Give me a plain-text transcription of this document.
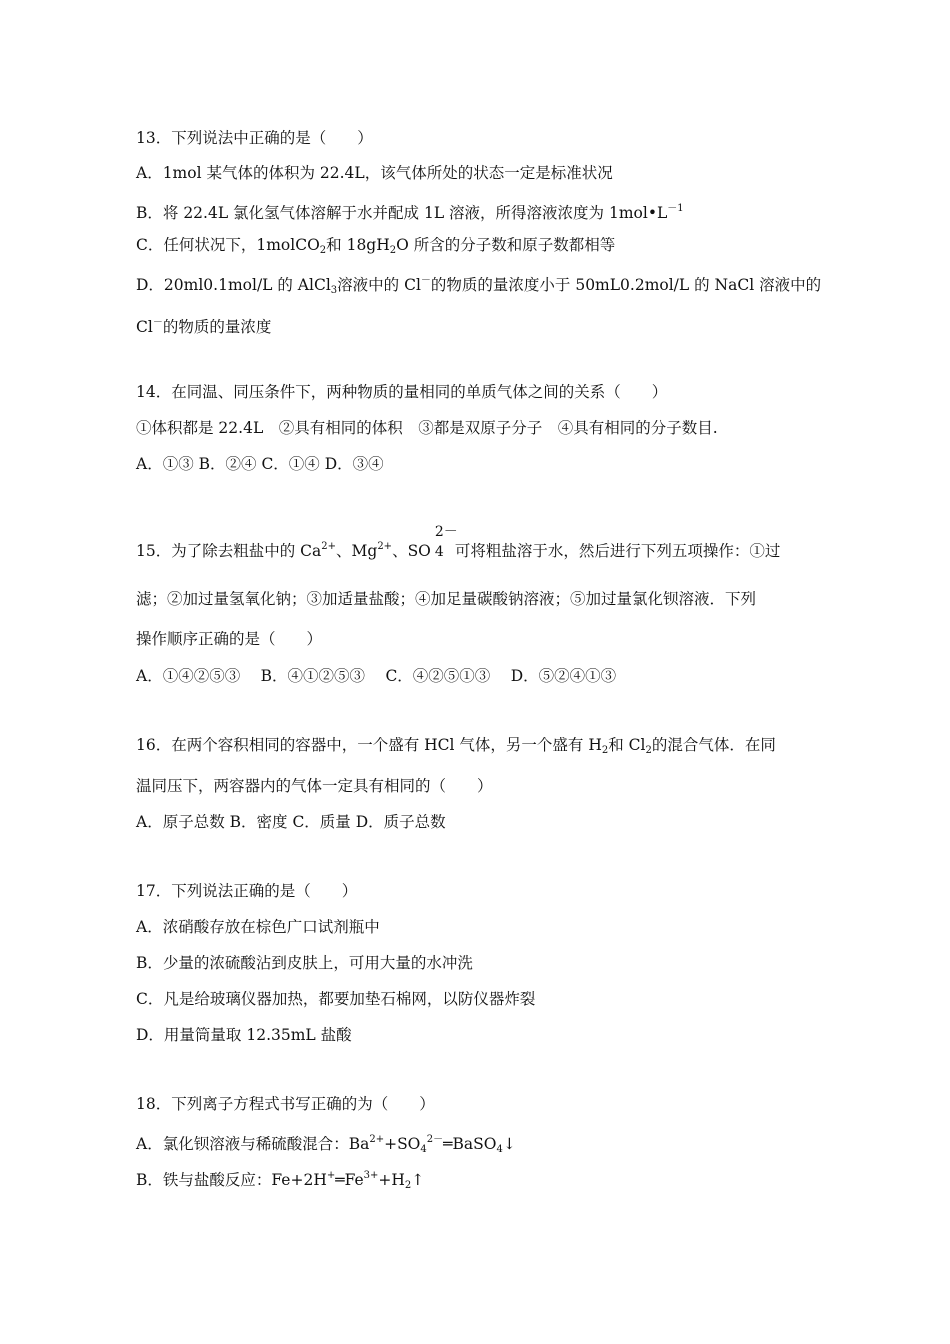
13．下列说法中正确的是（　　）
A．1mol 某气体的体积为 22.4L，该气体所处的状态一定是标准状况
B．将 22.4L 氯化氢气体溶解于水并配成 1L 溶液，所得溶液浓度为 $1mol•L^{-1}$
C．任何状况下，1molCO$_2$和 $18gH_2O$ 所含的分子数和原子数都相等
D．20ml0.1mol/L 的 AlCl$_3$溶液中的 Cl－的物质的量浓度小于 50mL0.2mol/L 的 NaCl 溶液中的
Cl－的物质的量浓度
14．在同温、同压条件下，两种物质的量相同的单质气体之间的关系（　　）
①体积都是 22.4L　②具有相同的体积　③都是双原子分子　④具有相同的分子数目.
A．①③ B．②④ C．①④ D．③④
15．为了除去粗盐中的 $Ca^{2+}$、$Mg^{2+}$、SO
2－
4 可将粗盐溶于水，然后进行下列五项操作：①过
滤；②加过量氢氧化钠；③加适量盐酸；④加足量碳酸钠溶液；⑤加过量氯化钡溶液．下列
操作顺序正确的是（　　）
A．①④②⑤③　 B．④①②⑤③　 C．④②⑤①③　 D．⑤②④①③
16．在两个容积相同的容器中，一个盛有 HCl 气体，另一个盛有 $H_2$和 $Cl_2$的混合气体．在同
温同压下，两容器内的气体一定具有相同的（　　）
A．原子总数 B．密度 C．质量 D．质子总数
17．下列说法正确的是（　　）
A．浓硝酸存放在棕色广口试剂瓶中
B．少量的浓硫酸沾到皮肤上，可用大量的水冲洗
C．凡是给玻璃仪器加热，都要加垫石棉网，以防仪器炸裂
D．用量筒量取 12.35mL 盐酸
18．下列离子方程式书写正确的为（　　）
A．氯化钡溶液与稀硫酸混合：$Ba^{2+}+SO_4^{2-}═BaSO_4↓$
B．铁与盐酸反应：$Fe+2H^+═Fe^{3+}+H_2↑$
